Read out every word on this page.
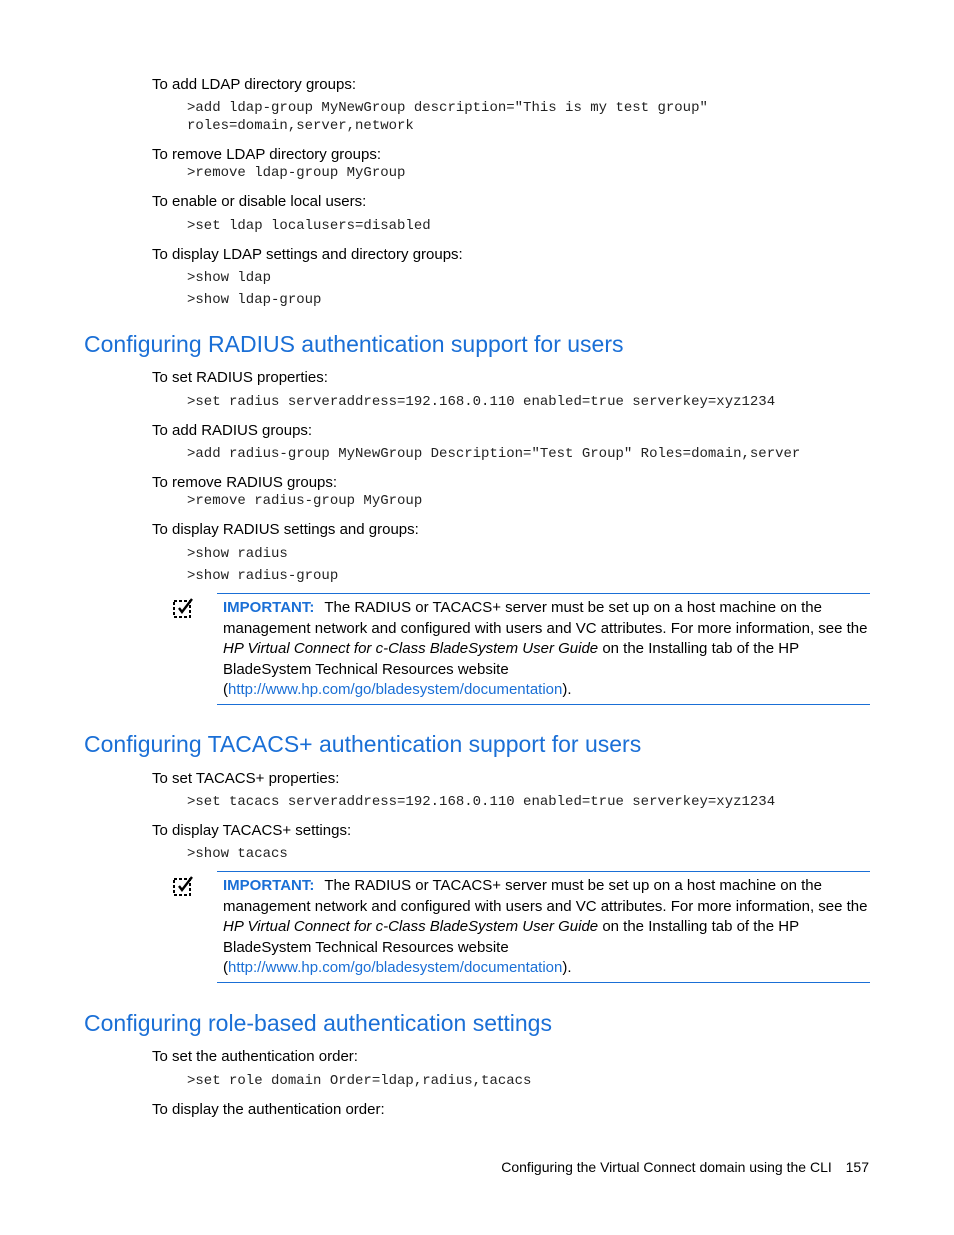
To add LDAP directory groups:
>add ldap-group MyNewGroup description="This is my test group"
roles=domain,server,network
To remove LDAP directory groups:
>remove ldap-group MyGroup
To enable or disable local users:
>set ldap localusers=disabled
To display LDAP settings and directory groups:
>show ldap
>show ldap-group
Configuring RADIUS authentication support for users
To set RADIUS properties:
>set radius serveraddress=192.168.0.110 enabled=true serverkey=xyz1234
To add RADIUS groups:
>add radius-group MyNewGroup Description="Test Group" Roles=domain,server
To remove RADIUS groups:
>remove radius-group MyGroup
To display RADIUS settings and groups:
>show radius
>show radius-group
IMPORTANT: The RADIUS or TACACS+ server must be set up on a host machine on the
management network and configured with users and VC attributes. For more information, see the
HP Virtual Connect for c-Class BladeSystem User Guide on the Installing tab of the HP
BladeSystem Technical Resources website
(http://www.hp.com/go/bladesystem/documentation).
Configuring TACACS+ authentication support for users
To set TACACS+ properties:
>set tacacs serveraddress=192.168.0.110 enabled=true serverkey=xyz1234
To display TACACS+ settings:
>show tacacs
IMPORTANT: The RADIUS or TACACS+ server must be set up on a host machine on the
management network and configured with users and VC attributes. For more information, see the
HP Virtual Connect for c-Class BladeSystem User Guide on the Installing tab of the HP
BladeSystem Technical Resources website
(http://www.hp.com/go/bladesystem/documentation).
Configuring role-based authentication settings
To set the authentication order:
>set role domain Order=ldap,radius,tacacs
To display the authentication order:
Configuring the Virtual Connect domain using the CLI 157
